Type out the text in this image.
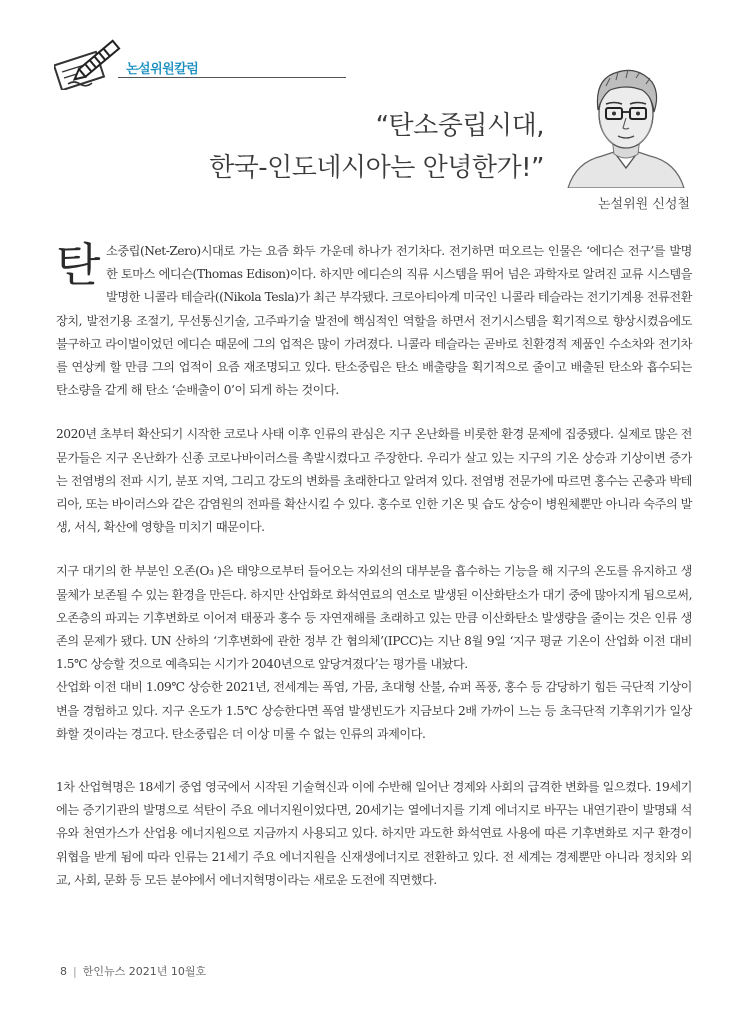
논설위원칼럼
“탄소중립시대,
한국-인도네시아는 안녕한가!”
논설위원 신성철

탄소중립(Net-Zero)시대로 가는 요즘 화두 가운데 하나가 전기차다. 전기하면 떠오르는 인물은 ‘에디슨 전구’를 발명한 토마스 에디슨(Thomas Edison)이다. 하지만 에디슨의 직류 시스템을 뛰어 넘은 과학자로 알려진 교류 시스템을 발명한 니콜라 테슬라((Nikola Tesla)가 최근 부각됐다. 크로아티아계 미국인 니콜라 테슬라는 전기기계용 전류전환장치, 발전기용 조절기, 무선통신기술, 고주파기술 발전에 핵심적인 역할을 하면서 전기시스템을 획기적으로 향상시켰음에도 불구하고 라이벌이었던 에디슨 때문에 그의 업적은 많이 가려졌다. 니콜라 테슬라는 곧바로 친환경적 제품인 수소차와 전기차를 연상케 할 만큼 그의 업적이 요즘 재조명되고 있다. 탄소중립은 탄소 배출량을 획기적으로 줄이고 배출된 탄소와 흡수되는 탄소량을 같게 해 탄소 ‘순배출이 0’이 되게 하는 것이다.

2020년 초부터 확산되기 시작한 코로나 사태 이후 인류의 관심은 지구 온난화를 비롯한 환경 문제에 집중됐다. 실제로 많은 전문가들은 지구 온난화가 신종 코로나바이러스를 촉발시켰다고 주장한다. 우리가 살고 있는 지구의 기온 상승과 기상이변 증가는 전염병의 전파 시기, 분포 지역, 그리고 강도의 변화를 초래한다고 알려져 있다. 전염병 전문가에 따르면 홍수는 곤충과 박테리아, 또는 바이러스와 같은 감염원의 전파를 확산시킬 수 있다. 홍수로 인한 기온 및 습도 상승이 병원체뿐만 아니라 숙주의 발생, 서식, 확산에 영향을 미치기 때문이다.

지구 대기의 한 부분인 오존(O₃ )은 태양으로부터 들어오는 자외선의 대부분을 흡수하는 기능을 해 지구의 온도를 유지하고 생물체가 보존될 수 있는 환경을 만든다. 하지만 산업화로 화석연료의 연소로 발생된 이산화탄소가 대기 중에 많아지게 됨으로써, 오존층의 파괴는 기후변화로 이어져 태풍과 홍수 등 자연재해를 초래하고 있는 만큼 이산화탄소 발생량을 줄이는 것은 인류 생존의 문제가 됐다. UN 산하의 ‘기후변화에 관한 정부 간 협의체’(IPCC)는 지난 8월 9일 ‘지구 평균 기온이 산업화 이전 대비 1.5℃ 상승할 것으로 예측되는 시기가 2040년으로 앞당겨졌다’는 평가를 내놨다.

산업화 이전 대비 1.09℃ 상승한 2021년, 전세계는 폭염, 가뭄, 초대형 산불, 슈퍼 폭풍, 홍수 등 감당하기 힘든 극단적 기상이변을 경험하고 있다. 지구 온도가 1.5℃ 상승한다면 폭염 발생빈도가 지금보다 2배 가까이 느는 등 초극단적 기후위기가 일상화할 것이라는 경고다. 탄소중립은 더 이상 미룰 수 없는 인류의 과제이다.

1차 산업혁명은 18세기 중엽 영국에서 시작된 기술혁신과 이에 수반해 일어난 경제와 사회의 급격한 변화를 일으켰다. 19세기에는 증기기관의 발명으로 석탄이 주요 에너지원이었다면, 20세기는 열에너지를 기계 에너지로 바꾸는 내연기관이 발명돼 석유와 천연가스가 산업용 에너지원으로 지금까지 사용되고 있다. 하지만 과도한 화석연료 사용에 따른 기후변화로 지구 환경이 위협을 받게 됨에 따라 인류는 21세기 주요 에너지원을 신재생에너지로 전환하고 있다. 전 세계는 경제뿐만 아니라 정치와 외교, 사회, 문화 등 모든 분야에서 에너지혁명이라는 새로운 도전에 직면했다.

8 | 한인뉴스 2021년 10월호
